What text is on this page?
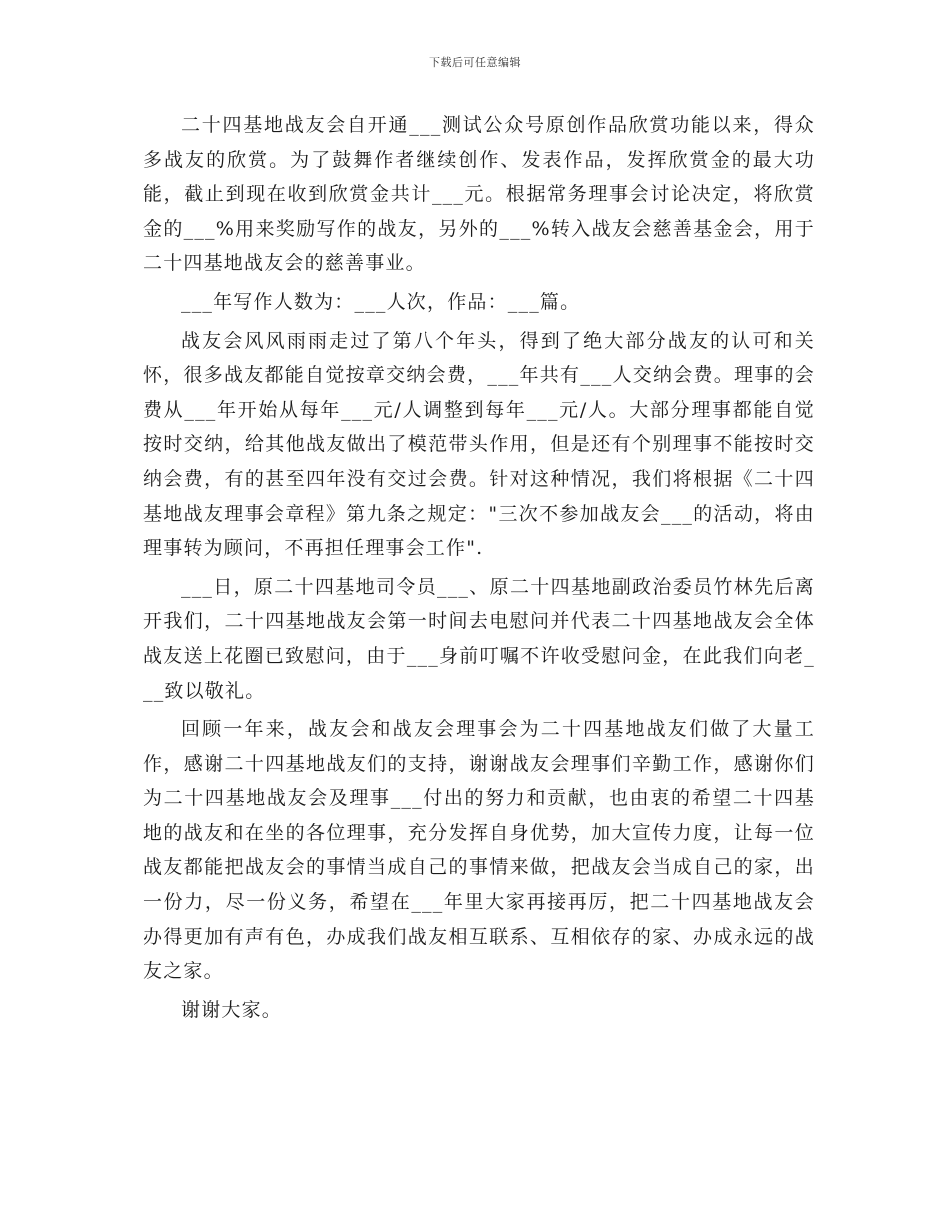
下载后可任意编辑

二十四基地战友会自开通___测试公众号原创作品欣赏功能以来，得众多战友的欣赏。为了鼓舞作者继续创作、发表作品，发挥欣赏金的最大功能，截止到现在收到欣赏金共计___元。根据常务理事会讨论决定，将欣赏金的___%用来奖励写作的战友，另外的___%转入战友会慈善基金会，用于二十四基地战友会的慈善事业。

___年写作人数为：___人次，作品：___篇。

战友会风风雨雨走过了第八个年头，得到了绝大部分战友的认可和关怀，很多战友都能自觉按章交纳会费，___年共有___人交纳会费。理事的会费从___年开始从每年___元/人调整到每年___元/人。大部分理事都能自觉按时交纳，给其他战友做出了模范带头作用，但是还有个别理事不能按时交纳会费，有的甚至四年没有交过会费。针对这种情况，我们将根据《二十四基地战友理事会章程》第九条之规定："三次不参加战友会___的活动，将由理事转为顾问，不再担任理事会工作".

___日，原二十四基地司令员___、原二十四基地副政治委员竹林先后离开我们，二十四基地战友会第一时间去电慰问并代表二十四基地战友会全体战友送上花圈已致慰问，由于___身前叮嘱不许收受慰问金，在此我们向老___致以敬礼。

回顾一年来，战友会和战友会理事会为二十四基地战友们做了大量工作，感谢二十四基地战友们的支持，谢谢战友会理事们辛勤工作，感谢你们为二十四基地战友会及理事___付出的努力和贡献，也由衷的希望二十四基地的战友和在坐的各位理事，充分发挥自身优势，加大宣传力度，让每一位战友都能把战友会的事情当成自己的事情来做，把战友会当成自己的家，出一份力，尽一份义务，希望在___年里大家再接再厉，把二十四基地战友会办得更加有声有色，办成我们战友相互联系、互相依存的家、办成永远的战友之家。

谢谢大家。
